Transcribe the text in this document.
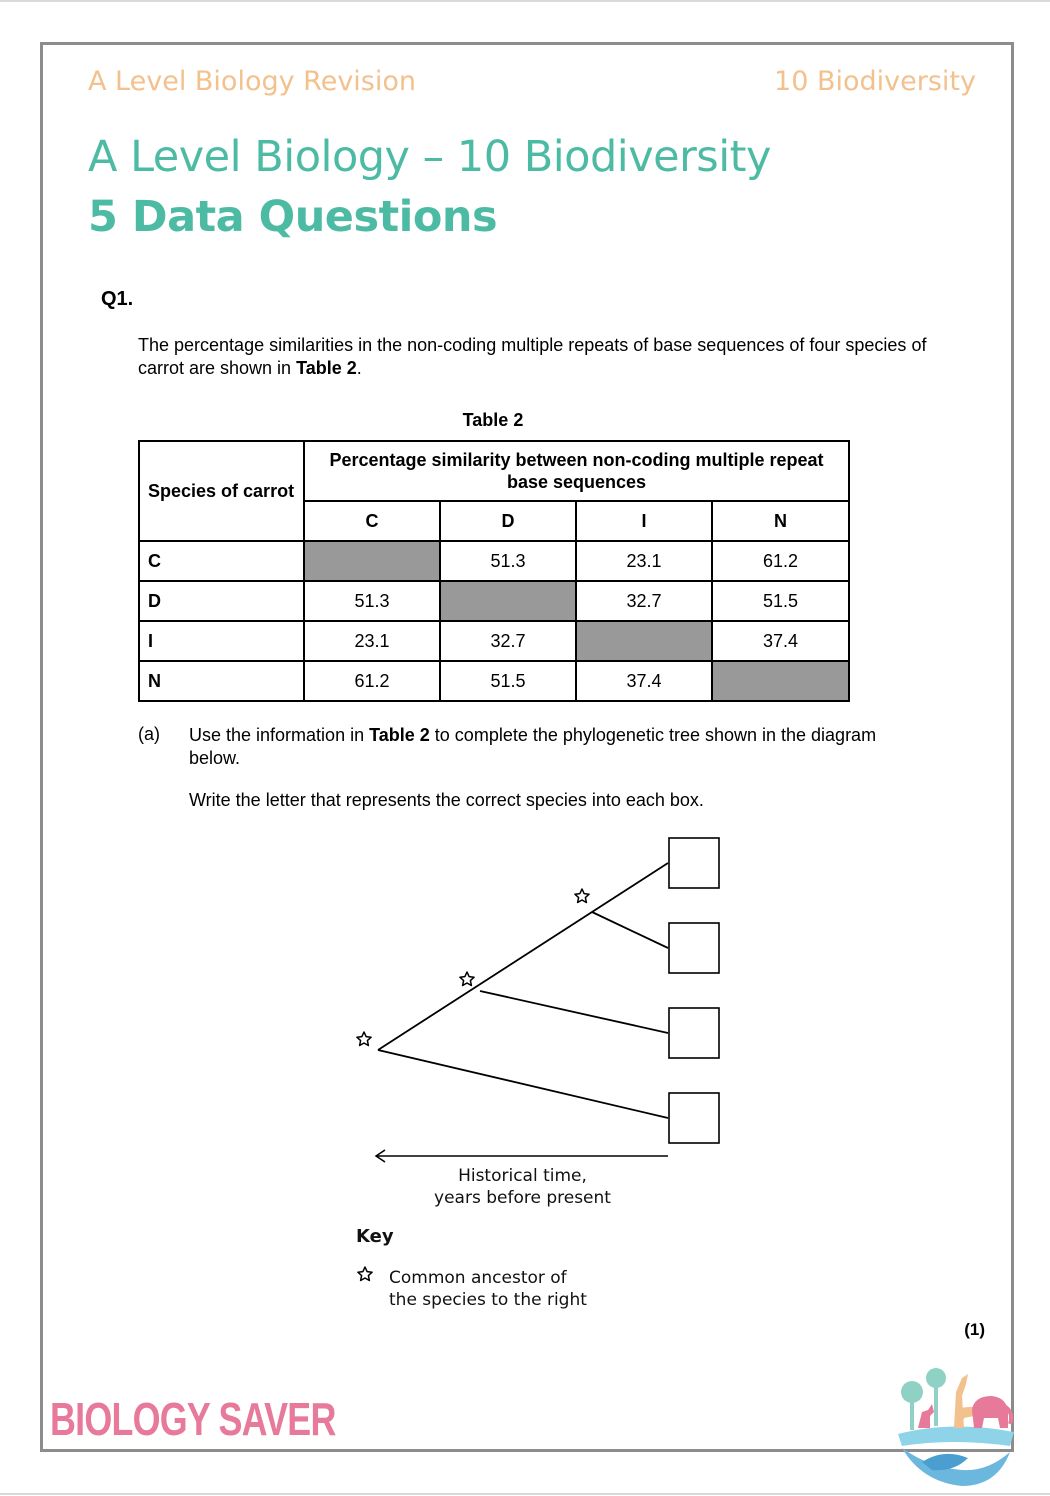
A Level Biology Revision	10 Biodiversity
A Level Biology – 10 Biodiversity
5 Data Questions
Q1.
The percentage similarities in the non-coding multiple repeats of base sequences of four species of carrot are shown in Table 2.
Table 2
Species of carrot	Percentage similarity between non-coding multiple repeat base sequences			
	C	D	I	N
C		51.3	23.1	61.2
D	51.3		32.7	51.5
I	23.1	32.7		37.4
N	61.2	51.5	37.4	
(a) Use the information in Table 2 to complete the phylogenetic tree shown in the diagram below.
Write the letter that represents the correct species into each box.
Historical time,
years before present
Key
Common ancestor of
the species to the right
(1)
BIOLOGY SAVER
